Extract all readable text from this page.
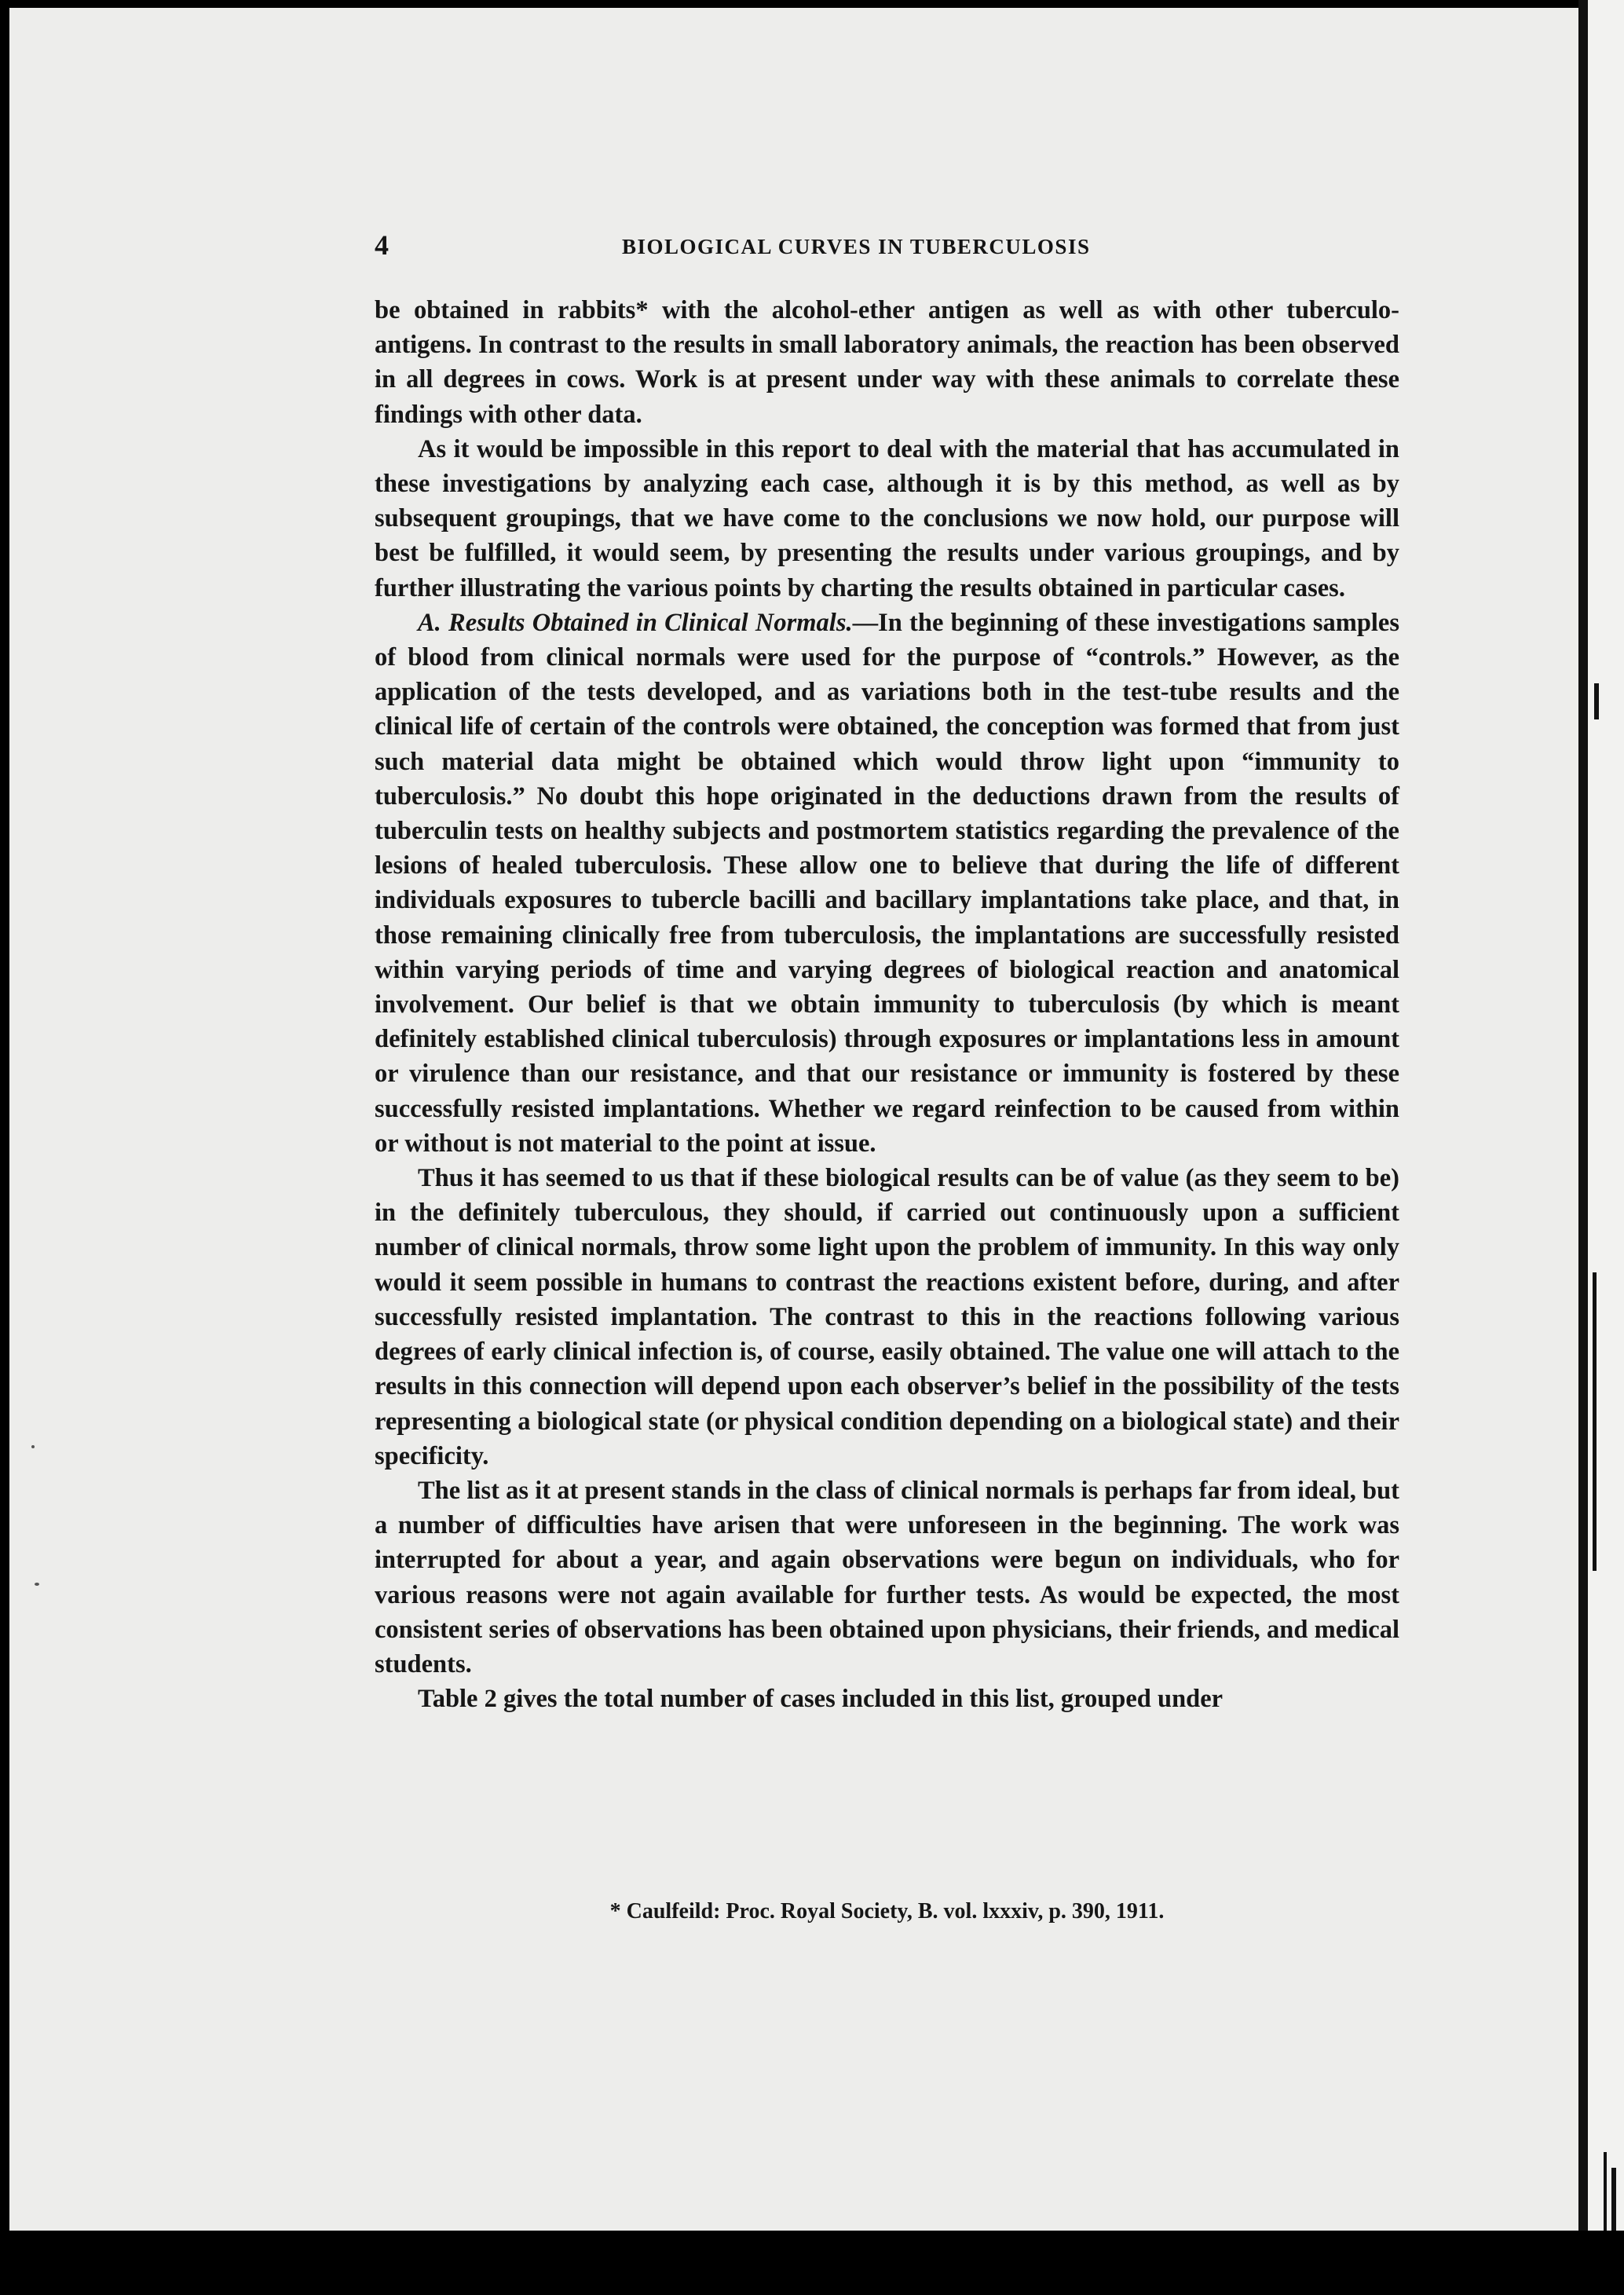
4	BIOLOGICAL CURVES IN TUBERCULOSIS

be obtained in rabbits* with the alcohol-ether antigen as well as with other tuberculo-antigens. In contrast to the results in small laboratory animals, the reaction has been observed in all degrees in cows. Work is at present under way with these animals to correlate these findings with other data.

As it would be impossible in this report to deal with the material that has accumulated in these investigations by analyzing each case, although it is by this method, as well as by subsequent groupings, that we have come to the conclusions we now hold, our purpose will best be fulfilled, it would seem, by presenting the results under various groupings, and by further illustrating the various points by charting the results obtained in particular cases.

A. Results Obtained in Clinical Normals.—In the beginning of these investigations samples of blood from clinical normals were used for the purpose of “controls.” However, as the application of the tests developed, and as variations both in the test-tube results and the clinical life of certain of the controls were obtained, the conception was formed that from just such material data might be obtained which would throw light upon “immunity to tuberculosis.” No doubt this hope originated in the deductions drawn from the results of tuberculin tests on healthy subjects and postmortem statistics regarding the prevalence of the lesions of healed tuberculosis. These allow one to believe that during the life of different individuals exposures to tubercle bacilli and bacillary implantations take place, and that, in those remaining clinically free from tuberculosis, the implantations are successfully resisted within varying periods of time and varying degrees of biological reaction and anatomical involvement. Our belief is that we obtain immunity to tuberculosis (by which is meant definitely established clinical tuberculosis) through exposures or implantations less in amount or virulence than our resistance, and that our resistance or immunity is fostered by these successfully resisted implantations. Whether we regard reinfection to be caused from within or without is not material to the point at issue.

Thus it has seemed to us that if these biological results can be of value (as they seem to be) in the definitely tuberculous, they should, if carried out continuously upon a sufficient number of clinical normals, throw some light upon the problem of immunity. In this way only would it seem possible in humans to contrast the reactions existent before, during, and after successfully resisted implantation. The contrast to this in the reactions following various degrees of early clinical infection is, of course, easily obtained. The value one will attach to the results in this connection will depend upon each observer’s belief in the possibility of the tests representing a biological state (or physical condition depending on a biological state) and their specificity.

The list as it at present stands in the class of clinical normals is perhaps far from ideal, but a number of difficulties have arisen that were unforeseen in the beginning. The work was interrupted for about a year, and again observations were begun on individuals, who for various reasons were not again available for further tests. As would be expected, the most consistent series of observations has been obtained upon physicians, their friends, and medical students.

Table 2 gives the total number of cases included in this list, grouped under

* Caulfeild: Proc. Royal Society, B. vol. lxxxiv, p. 390, 1911.
